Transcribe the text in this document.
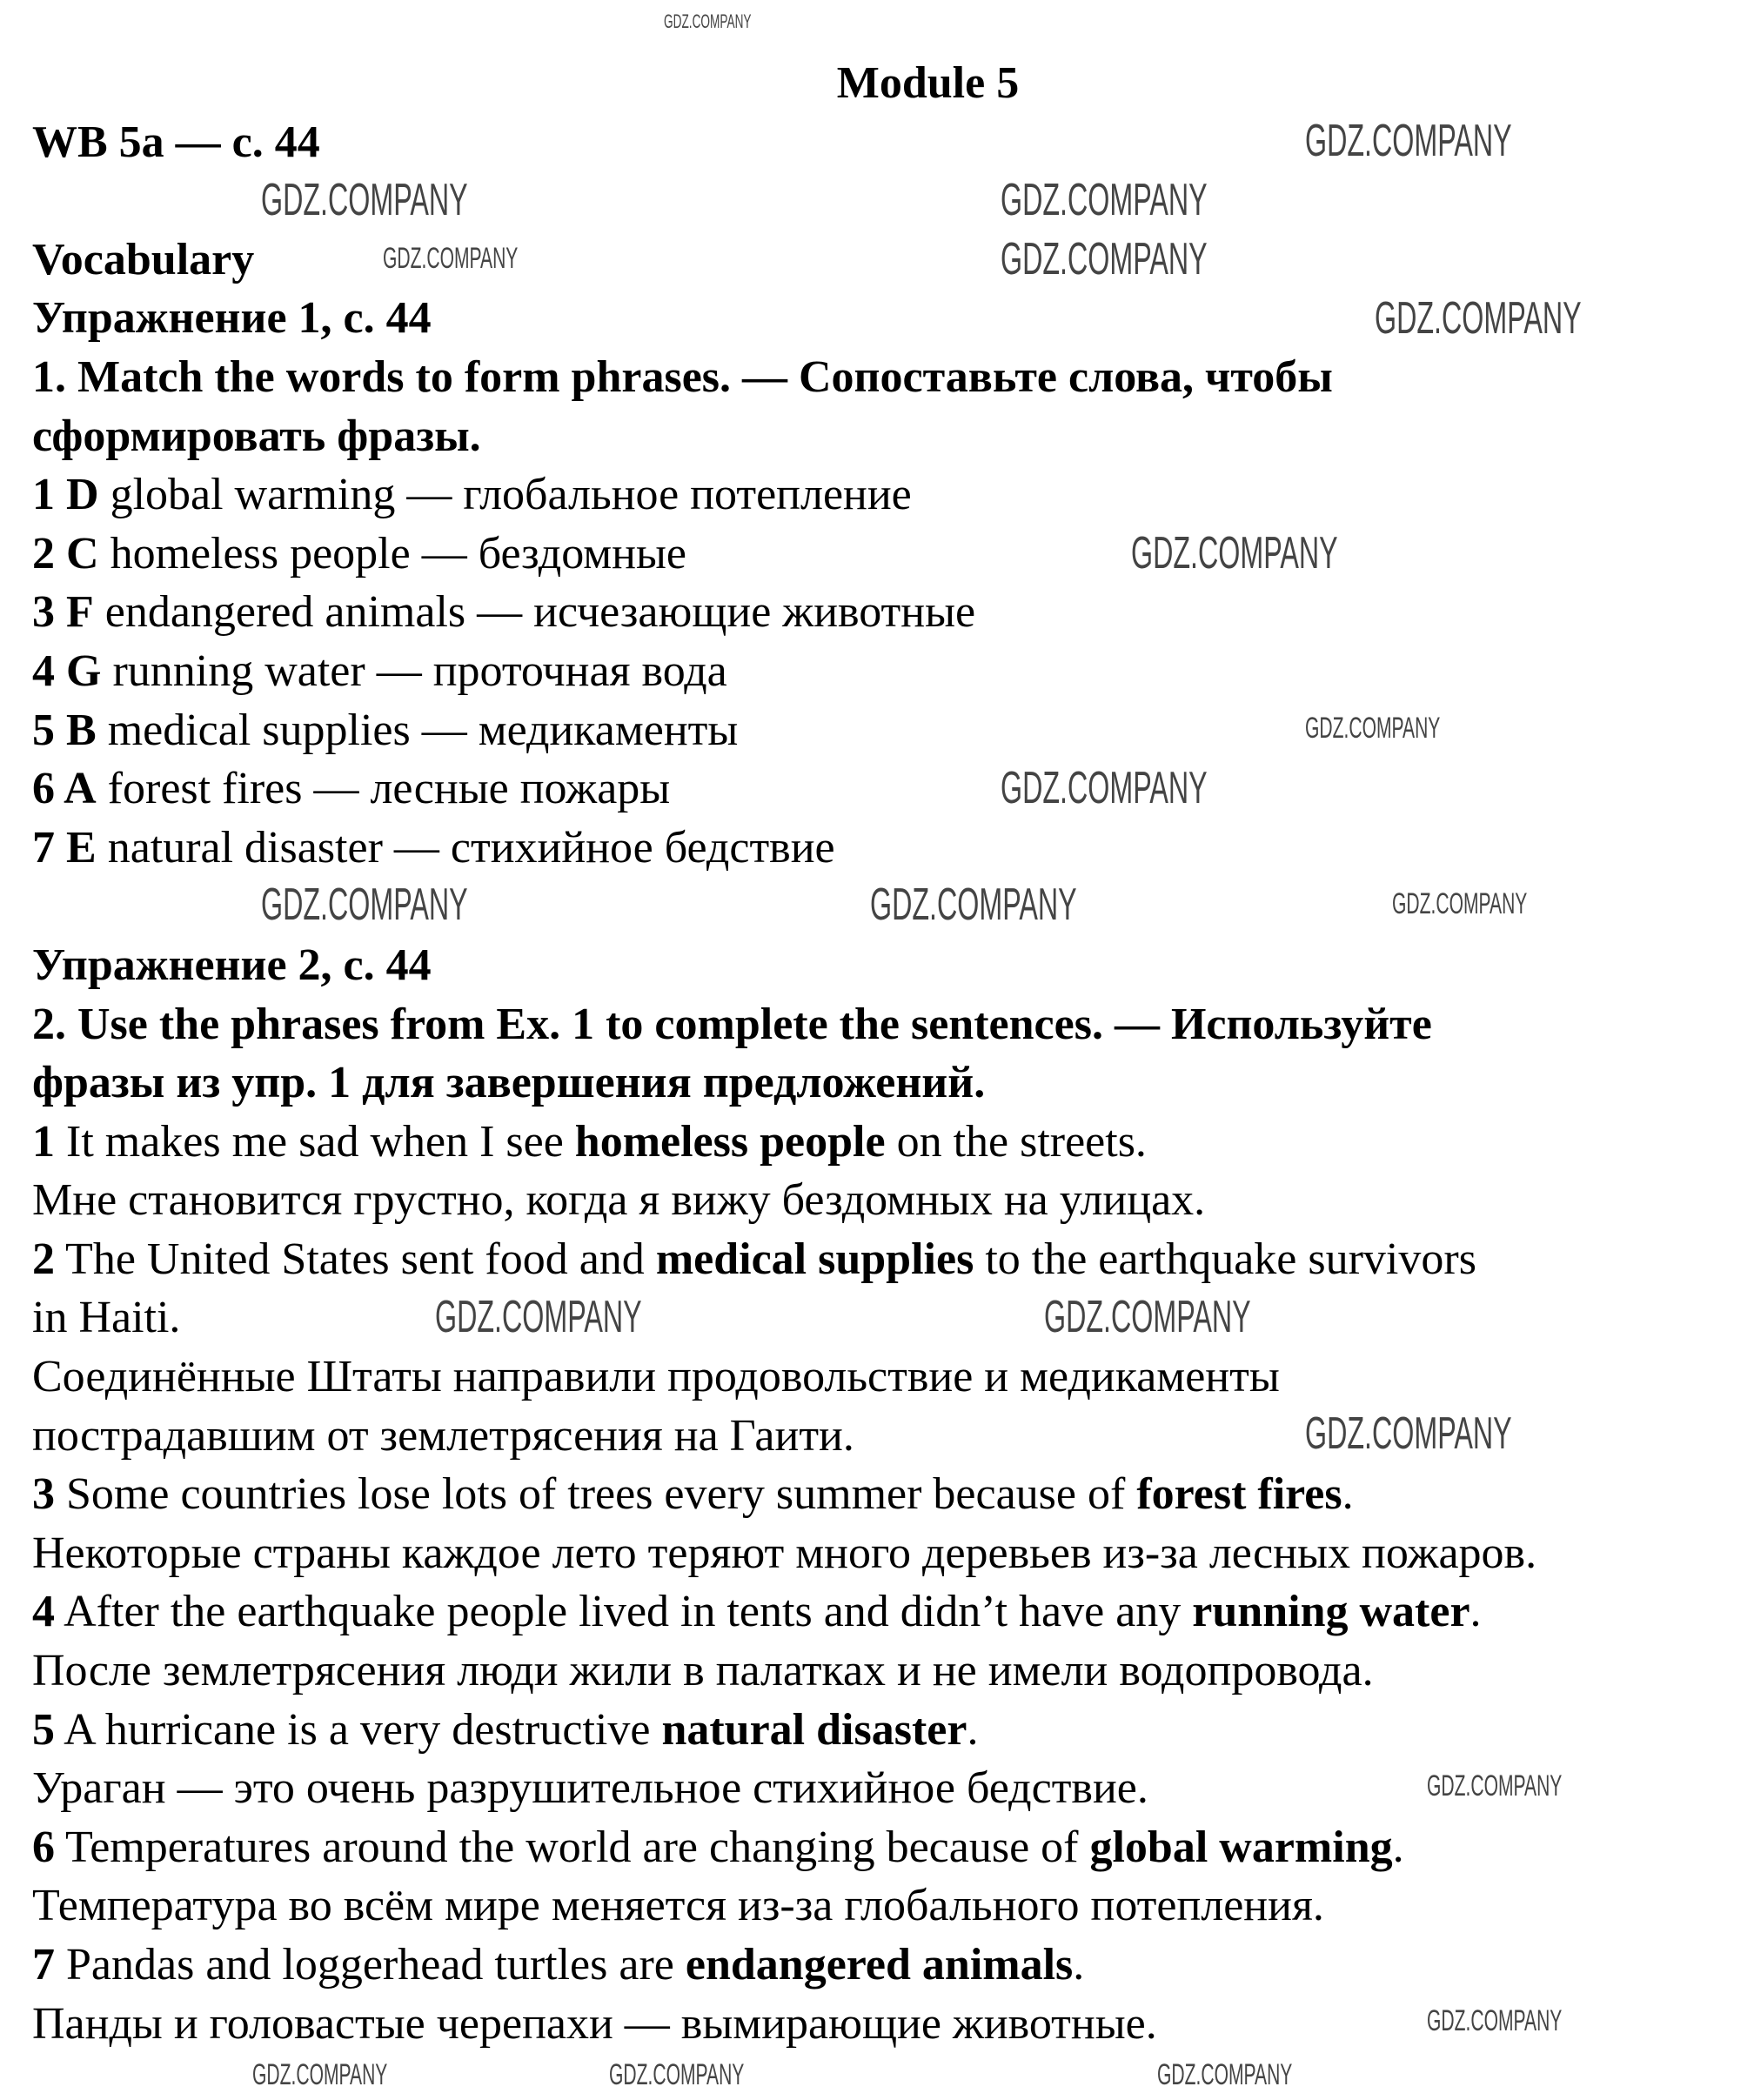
Module 5
WB 5a — с. 44
Vocabulary
Упражнение 1, с. 44
1. Match the words to form phrases. — Сопоставьте слова, чтобы
сформировать фразы.
1 D global warming — глобальное потепление
2 C homeless people — бездомные
3 F endangered animals — исчезающие животные
4 G running water — проточная вода
5 B medical supplies — медикаменты
6 A forest fires — лесные пожары
7 E natural disaster — стихийное бедствие
Упражнение 2, с. 44
2. Use the phrases from Ex. 1 to complete the sentences. — Используйте
фразы из упр. 1 для завершения предложений.
1 It makes me sad when I see homeless people on the streets.
Мне становится грустно, когда я вижу бездомных на улицах.
2 The United States sent food and medical supplies to the earthquake survivors
in Haiti.
Соединённые Штаты направили продовольствие и медикаменты
пострадавшим от землетрясения на Гаити.
3 Some countries lose lots of trees every summer because of forest fires.
Некоторые страны каждое лето теряют много деревьев из-за лесных пожаров.
4 After the earthquake people lived in tents and didn’t have any running water.
После землетрясения люди жили в палатках и не имели водопровода.
5 A hurricane is a very destructive natural disaster.
Ураган — это очень разрушительное стихийное бедствие.
6 Temperatures around the world are changing because of global warming.
Температура во всём мире меняется из-за глобального потепления.
7 Pandas and loggerhead turtles are endangered animals.
Панды и головастые черепахи — вымирающие животные.
GDZ.COMPANY
GDZ.COMPANY
GDZ.COMPANY	GDZ.COMPANY
GDZ.COMPANY	GDZ.COMPANY
GDZ.COMPANY
GDZ.COMPANY
GDZ.COMPANY
GDZ.COMPANY
GDZ.COMPANY	GDZ.COMPANY	GDZ.COMPANY
GDZ.COMPANY	GDZ.COMPANY
GDZ.COMPANY
GDZ.COMPANY
GDZ.COMPANY
GDZ.COMPANY	GDZ.COMPANY	GDZ.COMPANY
